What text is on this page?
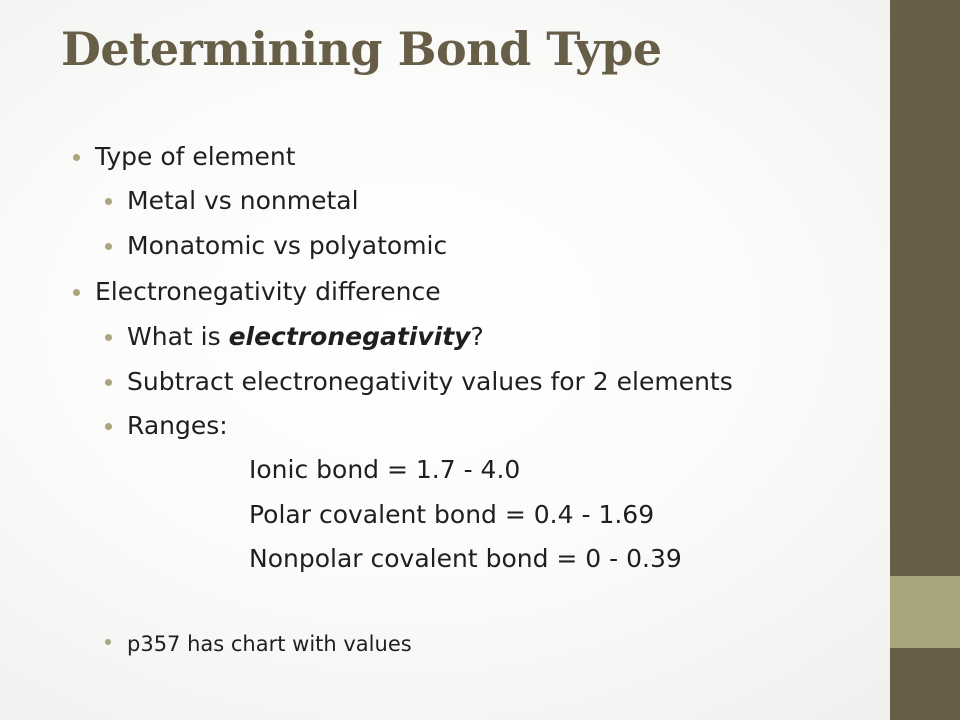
Determining Bond Type
Type of element
Metal vs nonmetal
Monatomic vs polyatomic
Electronegativity difference
What is electronegativity?
Subtract electronegativity values for 2 elements
Ranges:
Ionic bond = 1.7 - 4.0
Polar covalent bond = 0.4 - 1.69
Nonpolar covalent bond = 0 - 0.39
p357 has chart with values
